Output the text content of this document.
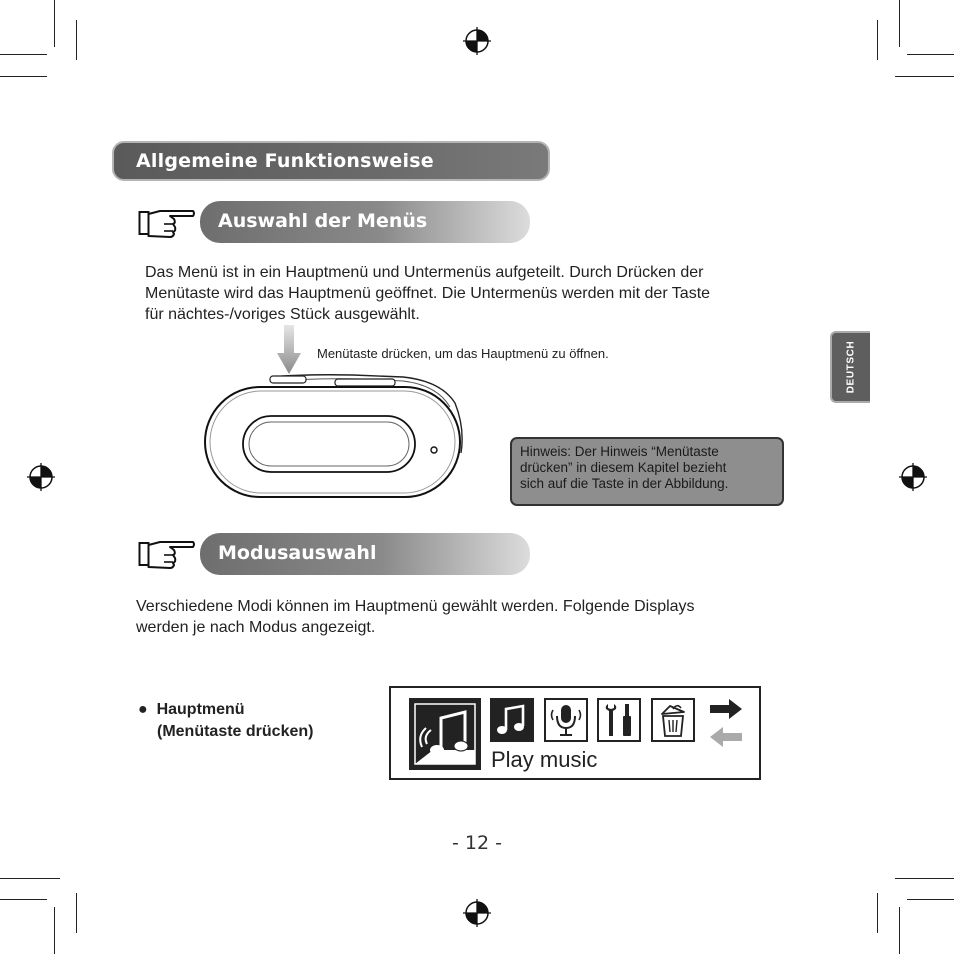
Allgemeine Funktionsweise
DEUTSCH
Auswahl der Menüs
Das Menü ist in ein Hauptmenü und Untermenüs aufgeteilt. Durch Drücken der
Menütaste wird das Hauptmenü geöffnet. Die Untermenüs werden mit der Taste
für nächtes-/voriges Stück ausgewählt.
Menütaste drücken, um das Hauptmenü zu öffnen.
Hinweis: Der Hinweis “Menütaste
drücken” in diesem Kapitel bezieht
sich auf die Taste in der Abbildung.
Modusauswahl
Verschiedene Modi können im Hauptmenü gewählt werden. Folgende Displays
werden je nach Modus angezeigt.
● Hauptmenü
(Menütaste drücken)
Play music
- 12 -
